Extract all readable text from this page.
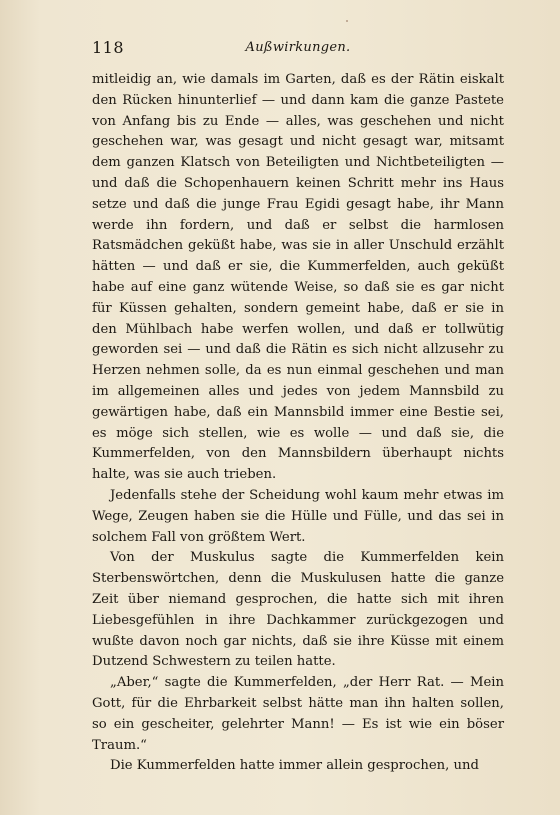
118	Außwirkungen.

mitleidig an, wie damals im Garten, daß es der Rätin eiskalt den Rücken hinunterlief — und dann kam die ganze Pastete von Anfang bis zu Ende — alles, was geschehen und nicht geschehen war, was gesagt und nicht gesagt war, mitsamt dem ganzen Klatsch von Beteiligten und Nichtbeteiligten — und daß die Schopenhauern keinen Schritt mehr ins Haus setze und daß die junge Frau Egidi gesagt habe, ihr Mann werde ihn fordern, und daß er selbst die harmlosen Ratsmädchen geküßt habe, was sie in aller Unschuld erzählt hätten — und daß er sie, die Kummerfelden, auch geküßt habe auf eine ganz wütende Weise, so daß sie es gar nicht für Küssen gehalten, sondern gemeint habe, daß er sie in den Mühlbach habe werfen wollen, und daß er tollwütig geworden sei — und daß die Rätin es sich nicht allzusehr zu Herzen nehmen solle, da es nun einmal geschehen und man im allgemeinen alles und jedes von jedem Mannsbild zu gewärtigen habe, daß ein Mannsbild immer eine Bestie sei, es möge sich stellen, wie es wolle — und daß sie, die Kummerfelden, von den Mannsbildern überhaupt nichts halte, was sie auch trieben.

Jedenfalls stehe der Scheidung wohl kaum mehr etwas im Wege, Zeugen haben sie die Hülle und Fülle, und das sei in solchem Fall von größtem Wert.

Von der Muskulus sagte die Kummerfelden kein Sterbenswörtchen, denn die Muskulusen hatte die ganze Zeit über niemand gesprochen, die hatte sich mit ihren Liebesgefühlen in ihre Dachkammer zurückgezogen und wußte davon noch gar nichts, daß sie ihre Küsse mit einem Dutzend Schwestern zu teilen hatte.

„Aber,“ sagte die Kummerfelden, „der Herr Rat. — Mein Gott, für die Ehrbarkeit selbst hätte man ihn halten sollen, so ein gescheiter, gelehrter Mann! — Es ist wie ein böser Traum.“

Die Kummerfelden hatte immer allein gesprochen, und
